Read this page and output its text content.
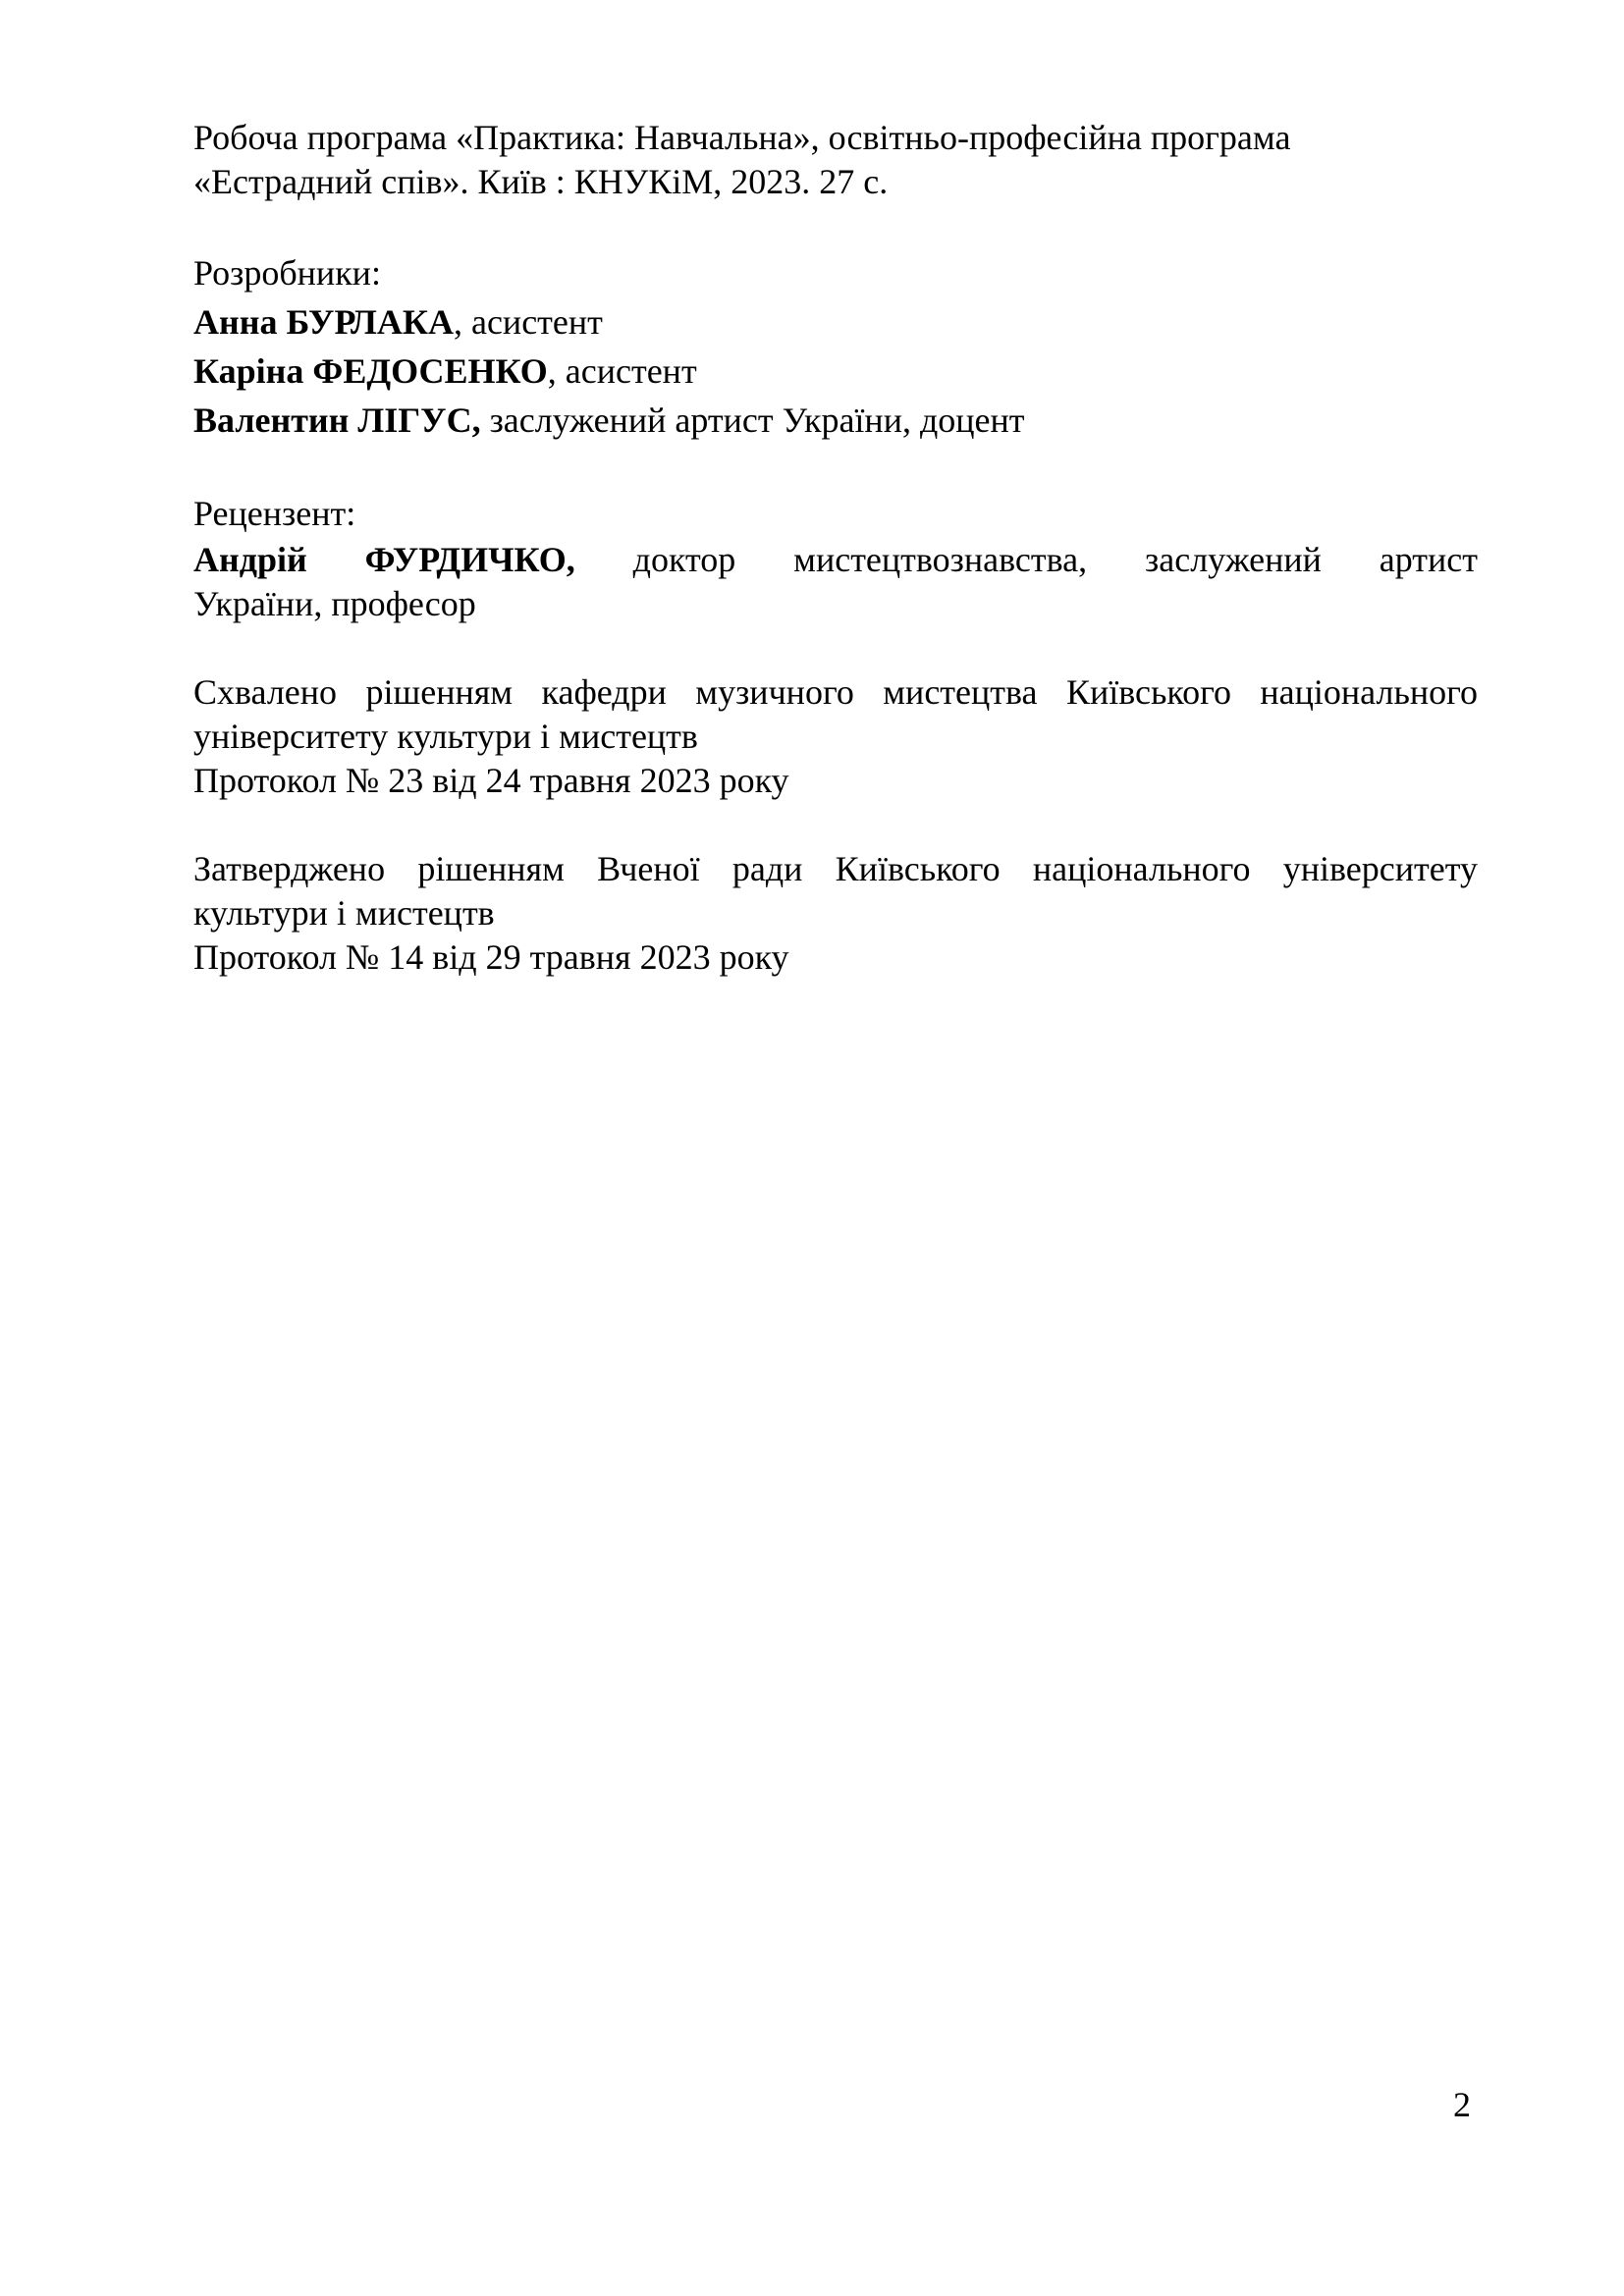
Робоча програма «Практика: Навчальна», освітньо-професійна програма
«Естрадний спів». Київ : КНУКіМ, 2023. 27 с.

Розробники:
Анна БУРЛАКА, асистент
Каріна ФЕДОСЕНКО, асистент
Валентин ЛІГУС, заслужений артист України, доцент
Рецензент:
Андрій ФУРДИЧКО, доктор мистецтвознавства, заслужений артист
України, професор
Схвалено рішенням кафедри музичного мистецтва Київського національного
університету культури і мистецтв
Протокол № 23 від 24 травня 2023 року
Затверджено рішенням Вченої ради Київського національного університету
культури і мистецтв
Протокол № 14 від 29 травня 2023 року
2
